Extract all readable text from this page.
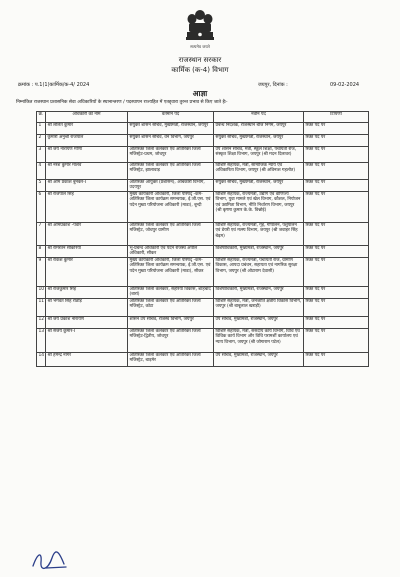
सत्यमेव जयते
राजस्थान सरकार
कार्मिक (क-4) विभाग
क्रमांक : प.1(1)कार्मिक/क-4/ 2024	जयपुर, दिनांक :	09-02-2024
आज्ञा
निम्नांकित राजस्थान प्रशासनिक सेवा अधिकारियों के स्थानान्तरण / पदस्थापन राज्यहित में एतद्द्वारा तुरन्त प्रभाव से किए जाते हैः-
क्र.	अधिकारी का नाम	वर्तमान पद	नवीन पद	टिप्पणी
1	श्री ललित कुमार	संयुक्त शासन सचिव, मुख्यमंत्री, राजस्थान, जयपुर	प्रबन्ध निदेशक, राजस्थान बीज निगम, जयपुर	रिक्त पद पर
2	कुमारी अनुश्री राजपाल	संयुक्त शासन सचिव, वन विभाग, जयपुर	संयुक्त सचिव, मुख्यमंत्री, राजस्थान, जयपुर	रिक्त पद पर
3	श्री जय नारायण मीणा	अतिरिक्त जिला कलक्टर एवं अतिरिक्त जिला मजिस्ट्रेट-प्रथम, जोधपुर	उप शासन सचिव, मंत्री, स्कूल शिक्षा, पंचायती राज, संस्कृत शिक्षा विभाग, जयपुर (श्री मदन दिलावर)	रिक्त पद पर
4	श्री नरेश कुमार मालव	अतिरिक्त जिला कलक्टर एवं अतिरिक्त जिला मजिस्ट्रेट, झालावाड़	विशिष्ट सहायक, मंत्री, सामाजिक न्याय एवं अधिकारिता विभाग, जयपुर (श्री अविनाश गहलोत)	रिक्त पद पर
5	श्री ओम प्रकाश बुनकर-I	अतिरिक्त आयुक्त (प्रशासन), आबकारी विभाग, उदयपुर	संयुक्त सचिव, मुख्यमंत्री, राजस्थान, जयपुर	रिक्त पद पर
6	श्री राजपाल सिंह	मुख्य कार्यकारी अधिकारी, जिला परिषद् -कम- अतिरिक्त जिला कार्यक्रम समन्वयक, ई.जी.एस. एवं पदेन मुख्य परियोजना अधिकारी (माडा), बून्दी	विशिष्ट सहायक, राज्यमंत्री, उद्योग एवं वाणिज्य विभाग, युवा मामले एवं खेल विभाग, कौशल, नियोजन एवं उद्यमिता विभाग, नीति निर्धारण विभाग, जयपुर (श्री कृष्णा कुमार के.के. विश्नोई)	रिक्त पद पर
7	श्री ओमप्रकाश -पंवार	अतिरिक्त जिला कलक्टर एवं अतिरिक्त जिला मजिस्ट्रेट, जोधपुर ग्रामीण	विशिष्ट सहायक, राज्यमंत्री, गृह, गौपालन, पशुपालन एवं डेयरी एवं मत्स्य विभाग, जयपुर (श्री जवाहर सिंह बेढ़म)	रिक्त पद पर
8	श्री रामरतन सौंकरिया	भू-प्रबन्ध अधिकारी एवं पदेन राजस्व अपील अधिकारी, सीकर	विशेषाधिकारी, मुख्यमंत्री, राजस्थान, जयपुर	रिक्त पद पर
9	श्री राकेश कुमार	मुख्य कार्यकारी अधिकारी, जिला परिषद् -कम- अतिरिक्त जिला कार्यक्रम समन्वयक, ई.जी.एस. एवं पदेन मुख्य परियोजना अधिकारी (माडा), सीकर	विशिष्ट सहायक, राज्यमंत्री, पंचायती राज, ग्रामीण विकास, आपदा प्रबंधन, सहायता एवं नागरिक सुरक्षा विभाग, जयपुर (श्री ओटाराम देवासी)	रिक्त पद पर
10	श्री राजकुमार सिंह	अतिरिक्त जिला कलक्टर, सहरिया विकास, शाहबाद (बारां)	विशेषाधिकारी, मुख्यमंत्री, राजस्थान, जयपुर	रिक्त पद पर
11	श्री भगवत सिंह राठौड़	अतिरिक्त जिला कलक्टर एवं अतिरिक्त जिला मजिस्ट्रेट, कोटा	विशिष्ट सहायक, मंत्री, जनजाति क्षेत्रीय विकास विभाग, जयपुर (श्री बाबूलाल खराड़ी)	रिक्त पद पर
12	श्री जय प्रकाश नारायण	शासन उप सचिव, राजस्व विभाग, जयपुर	उप सचिव, मुख्यमंत्री, राजस्थान, जयपुर	रिक्त पद पर
13	श्री संजय कुमार-I	अतिरिक्त जिला कलक्टर एवं अतिरिक्त जिला मजिस्ट्रेट-द्वितीय, जोधपुर	विशिष्ट सहायक, मंत्री, संसदीय कार्य विभाग, विधि एवं विधिक कार्य विभाग और विधि परामर्शी कार्यालय एवं न्याय विभाग, जयपुर (श्री जोगाराम पटेल)	रिक्त पद पर
14	श्री हेमेन्द्र नागर	अतिरिक्त जिला कलक्टर एवं अतिरिक्त जिला मजिस्ट्रेट, बाड़मेर	उप सचिव, मुख्यमंत्री, राजस्थान, जयपुर	रिक्त पद पर
